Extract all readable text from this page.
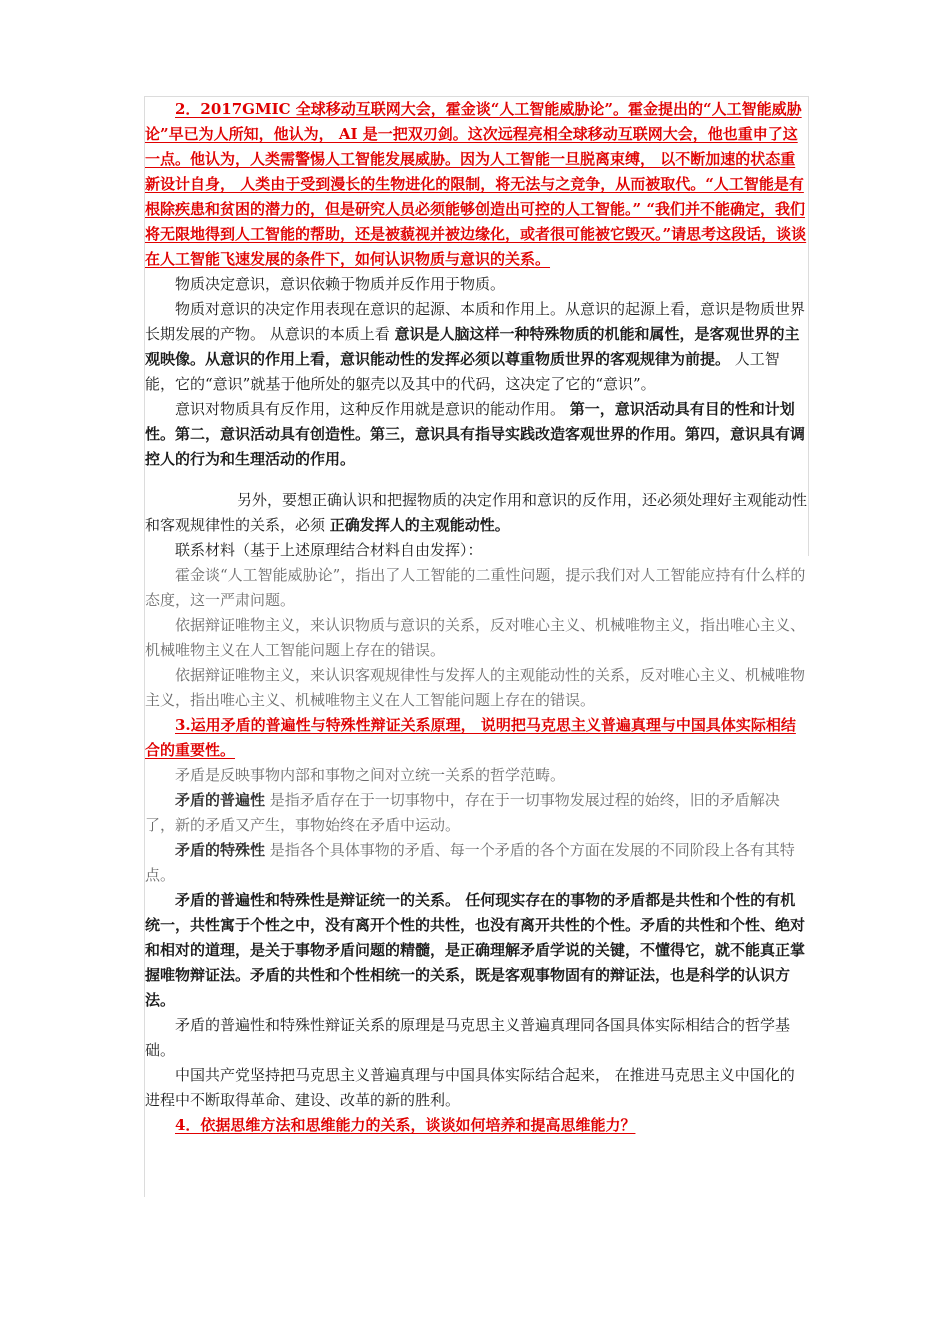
2．2017GMIC 全球移动互联网大会，霍金谈“人工智能威胁论”。霍金提出的“人工智能威胁论”早已为人所知，他认为， AI 是一把双刃剑。这次远程亮相全球移动互联网大会，他也重申了这一点。他认为，人类需警惕人工智能发展威胁。因为人工智能一旦脱离束缚， 以不断加速的状态重新设计自身， 人类由于受到漫长的生物进化的限制，将无法与之竞争，从而被取代。“人工智能是有根除疾患和贫困的潜力的，但是研究人员必须能够创造出可控的人工智能。” “我们并不能确定，我们将无限地得到人工智能的帮助，还是被藐视并被边缘化，或者很可能被它毁灭。”请思考这段话，谈谈在人工智能飞速发展的条件下，如何认识物质与意识的关系。

物质决定意识，意识依赖于物质并反作用于物质。

物质对意识的决定作用表现在意识的起源、本质和作用上。从意识的起源上看，意识是物质世界长期发展的产物。 从意识的本质上看 意识是人脑这样一种特殊物质的机能和属性，是客观世界的主观映像。从意识的作用上看，意识能动性的发挥必须以尊重物质世界的客观规律为前提。 人工智能，它的“意识”就基于他所处的躯壳以及其中的代码，这决定了它的“意识”。

意识对物质具有反作用，这种反作用就是意识的能动作用。 第一，意识活动具有目的性和计划性。第二，意识活动具有创造性。第三，意识具有指导实践改造客观世界的作用。第四，意识具有调控人的行为和生理活动的作用。

另外，要想正确认识和把握物质的决定作用和意识的反作用，还必须处理好主观能动性和客观规律性的关系，必须 正确发挥人的主观能动性。

联系材料（基于上述原理结合材料自由发挥）：

霍金谈“人工智能威胁论”，指出了人工智能的二重性问题，提示我们对人工智能应持有什么样的态度，这一严肃问题。

依据辩证唯物主义，来认识物质与意识的关系，反对唯心主义、机械唯物主义，指出唯心主义、机械唯物主义在人工智能问题上存在的错误。

依据辩证唯物主义，来认识客观规律性与发挥人的主观能动性的关系，反对唯心主义、机械唯物主义，指出唯心主义、机械唯物主义在人工智能问题上存在的错误。

3.运用矛盾的普遍性与特殊性辩证关系原理， 说明把马克思主义普遍真理与中国具体实际相结合的重要性。

矛盾是反映事物内部和事物之间对立统一关系的哲学范畴。

矛盾的普遍性 是指矛盾存在于一切事物中，存在于一切事物发展过程的始终，旧的矛盾解决了，新的矛盾又产生，事物始终在矛盾中运动。

矛盾的特殊性 是指各个具体事物的矛盾、每一个矛盾的各个方面在发展的不同阶段上各有其特点。

矛盾的普遍性和特殊性是辩证统一的关系。 任何现实存在的事物的矛盾都是共性和个性的有机统一，共性寓于个性之中，没有离开个性的共性，也没有离开共性的个性。矛盾的共性和个性、绝对和相对的道理，是关于事物矛盾问题的精髓，是正确理解矛盾学说的关键，不懂得它，就不能真正掌握唯物辩证法。矛盾的共性和个性相统一的关系，既是客观事物固有的辩证法，也是科学的认识方法。

矛盾的普遍性和特殊性辩证关系的原理是马克思主义普遍真理同各国具体实际相结合的哲学基础。

中国共产党坚持把马克思主义普遍真理与中国具体实际结合起来， 在推进马克思主义中国化的进程中不断取得革命、建设、改革的新的胜利。

4．依据思维方法和思维能力的关系，谈谈如何培养和提高思维能力？
